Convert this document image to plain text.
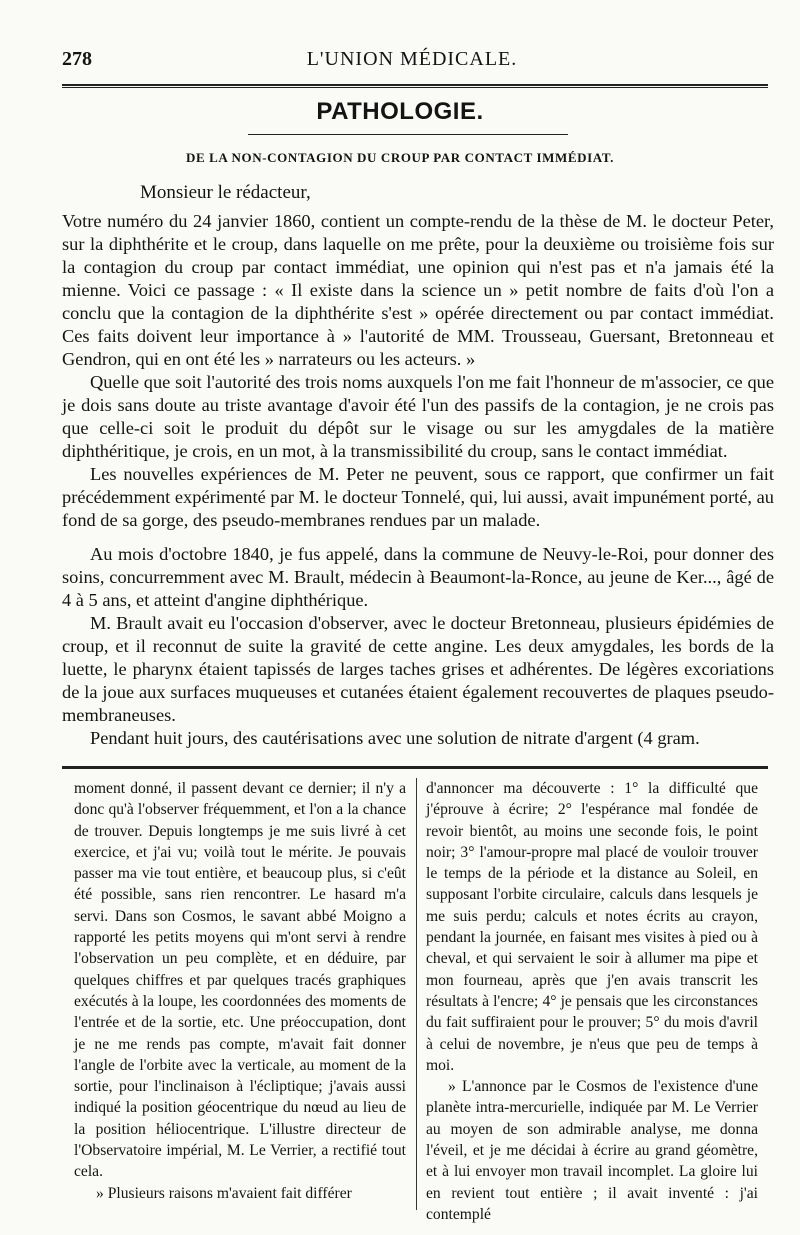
278	L'UNION MÉDICALE.
PATHOLOGIE.
DE LA NON-CONTAGION DU CROUP PAR CONTACT IMMÉDIAT.
Monsieur le rédacteur,

Votre numéro du 24 janvier 1860, contient un compte-rendu de la thèse de M. le docteur Peter, sur la diphthérite et le croup, dans laquelle on me prête, pour la deuxième ou troisième fois sur la contagion du croup par contact immédiat, une opinion qui n'est pas et n'a jamais été la mienne. Voici ce passage : « Il existe dans la science un » petit nombre de faits d'où l'on a conclu que la contagion de la diphthérite s'est » opérée directement ou par contact immédiat. Ces faits doivent leur importance à » l'autorité de MM. Trousseau, Guersant, Bretonneau et Gendron, qui en ont été les » narrateurs ou les acteurs. »

Quelle que soit l'autorité des trois noms auxquels l'on me fait l'honneur de m'associer, ce que je dois sans doute au triste avantage d'avoir été l'un des passifs de la contagion, je ne crois pas que celle-ci soit le produit du dépôt sur le visage ou sur les amygdales de la matière diphthéritique, je crois, en un mot, à la transmissibilité du croup, sans le contact immédiat.

Les nouvelles expériences de M. Peter ne peuvent, sous ce rapport, que confirmer un fait précédemment expérimenté par M. le docteur Tonnelé, qui, lui aussi, avait impunément porté, au fond de sa gorge, des pseudo-membranes rendues par un malade.

Au mois d'octobre 1840, je fus appelé, dans la commune de Neuvy-le-Roi, pour donner des soins, concurremment avec M. Brault, médecin à Beaumont-la-Ronce, au jeune de Ker..., âgé de 4 à 5 ans, et atteint d'angine diphthérique.

M. Brault avait eu l'occasion d'observer, avec le docteur Bretonneau, plusieurs épidémies de croup, et il reconnut de suite la gravité de cette angine. Les deux amygdales, les bords de la luette, le pharynx étaient tapissés de larges taches grises et adhérentes. De légères excoriations de la joue aux surfaces muqueuses et cutanées étaient également recouvertes de plaques pseudo-membraneuses.

Pendant huit jours, des cautérisations avec une solution de nitrate d'argent (4 gram.

moment donné, il passent devant ce dernier; il n'y a donc qu'à l'observer fréquemment, et l'on a la chance de trouver. Depuis longtemps je me suis livré à cet exercice, et j'ai vu; voilà tout le mérite. Je pouvais passer ma vie tout entière, et beaucoup plus, si c'eût été possible, sans rien rencontrer. Le hasard m'a servi. Dans son Cosmos, le savant abbé Moigno a rapporté les petits moyens qui m'ont servi à rendre l'observation un peu complète, et en déduire, par quelques chiffres et par quelques tracés graphiques exécutés à la loupe, les coordonnées des moments de l'entrée et de la sortie, etc. Une préoccupation, dont je ne me rends pas compte, m'avait fait donner l'angle de l'orbite avec la verticale, au moment de la sortie, pour l'inclinaison à l'écliptique; j'avais aussi indiqué la position géocentrique du nœud au lieu de la position héliocentrique. L'illustre directeur de l'Observatoire impérial, M. Le Verrier, a rectifié tout cela.

» Plusieurs raisons m'avaient fait différer

d'annoncer ma découverte : 1° la difficulté que j'éprouve à écrire; 2° l'espérance mal fondée de revoir bientôt, au moins une seconde fois, le point noir; 3° l'amour-propre mal placé de vouloir trouver le temps de la période et la distance au Soleil, en supposant l'orbite circulaire, calculs dans lesquels je me suis perdu; calculs et notes écrits au crayon, pendant la journée, en faisant mes visites à pied ou à cheval, et qui servaient le soir à allumer ma pipe et mon fourneau, après que j'en avais transcrit les résultats à l'encre; 4° je pensais que les circonstances du fait suffiraient pour le prouver; 5° du mois d'avril à celui de novembre, je n'eus que peu de temps à moi.

» L'annonce par le Cosmos de l'existence d'une planète intra-mercurielle, indiquée par M. Le Verrier au moyen de son admirable analyse, me donna l'éveil, et je me décidai à écrire au grand géomètre, et à lui envoyer mon travail incomplet. La gloire lui en revient tout entière ; il avait inventé : j'ai contemplé
